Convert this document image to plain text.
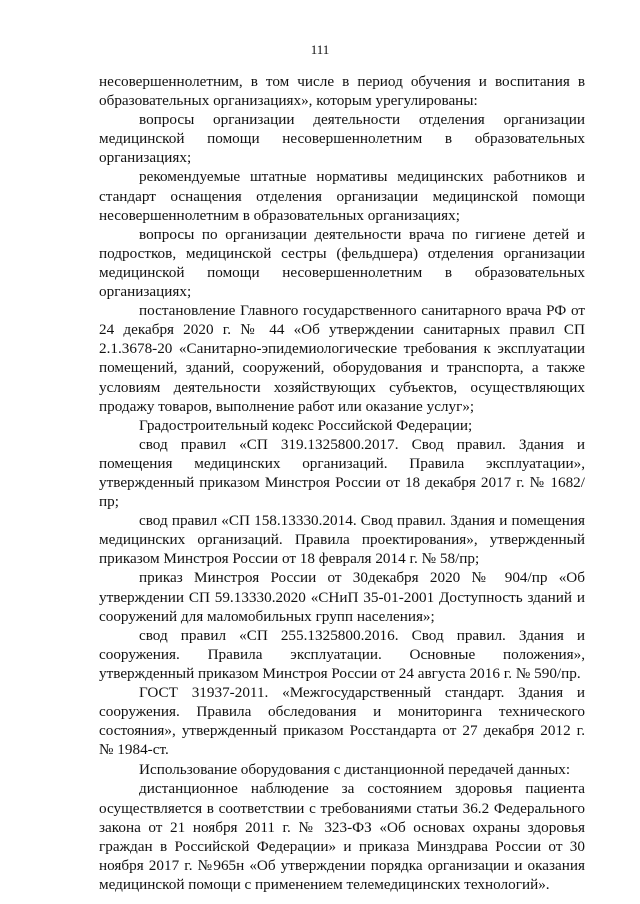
111

несовершеннолетним, в том числе в период обучения и воспитания в образовательных организациях», которым урегулированы:

вопросы организации деятельности отделения организации медицинской помощи несовершеннолетним в образовательных организациях;

рекомендуемые штатные нормативы медицинских работников и стандарт оснащения отделения организации медицинской помощи несовершеннолетним в образовательных организациях;

вопросы по организации деятельности врача по гигиене детей и подростков, медицинской сестры (фельдшера) отделения организации медицинской помощи несовершеннолетним в образовательных организациях;

постановление Главного государственного санитарного врача РФ от 24 декабря 2020 г. № 44 «Об утверждении санитарных правил СП 2.1.3678-20 «Санитарно-эпидемиологические требования к эксплуатации помещений, зданий, сооружений, оборудования и транспорта, а также условиям деятельности хозяйствующих субъектов, осуществляющих продажу товаров, выполнение работ или оказание услуг»;

Градостроительный кодекс Российской Федерации;

свод правил «СП 319.1325800.2017. Свод правил. Здания и помещения медицинских организаций. Правила эксплуатации», утвержденный приказом Минстроя России от 18 декабря 2017 г. № 1682/пр;

свод правил «СП 158.13330.2014. Свод правил. Здания и помещения медицинских организаций. Правила проектирования», утвержденный приказом Минстроя России от 18 февраля 2014 г. № 58/пр;

приказ Минстроя России от 30декабря 2020 № 904/пр «Об утверждении СП 59.13330.2020 «СНиП 35-01-2001 Доступность зданий и сооружений для маломобильных групп населения»;

свод правил «СП 255.1325800.2016. Свод правил. Здания и сооружения. Правила эксплуатации. Основные положения», утвержденный приказом Минстроя России от 24 августа 2016 г. № 590/пр.

ГОСТ 31937-2011. «Межгосударственный стандарт. Здания и сооружения. Правила обследования и мониторинга технического состояния», утвержденный приказом Росстандарта от 27 декабря 2012 г. № 1984-ст.

Использование оборудования с дистанционной передачей данных:

дистанционное наблюдение за состоянием здоровья пациента осуществляется в соответствии с требованиями статьи 36.2 Федерального закона от 21 ноября 2011 г. № 323-ФЗ «Об основах охраны здоровья граждан в Российской Федерации» и приказа Минздрава России от 30 ноября 2017 г. №965н «Об утверждении порядка организации и оказания медицинской помощи с применением телемедицинских технологий».
